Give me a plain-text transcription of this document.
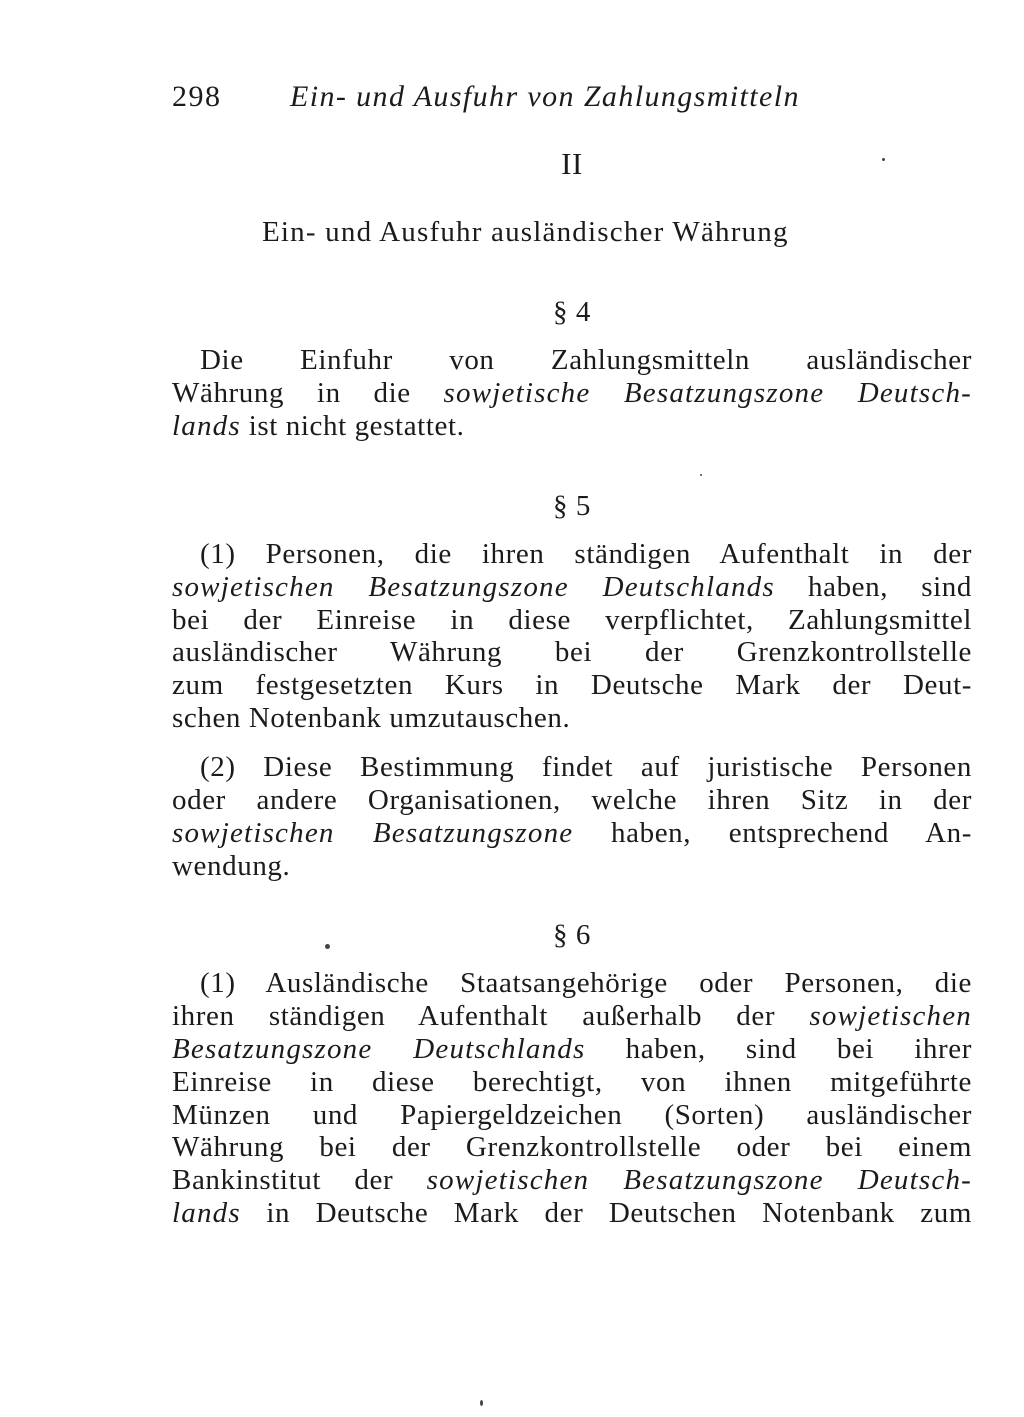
298 Ein- und Ausfuhr von Zahlungsmitteln
II
Ein- und Ausfuhr ausländischer Währung
§ 4
Die Einfuhr von Zahlungsmitteln ausländischer
Währung in die sowjetische Besatzungszone Deutsch-
lands ist nicht gestattet.
§ 5
(1) Personen, die ihren ständigen Aufenthalt in der
sowjetischen Besatzungszone Deutschlands haben, sind
bei der Einreise in diese verpflichtet, Zahlungsmittel
ausländischer Währung bei der Grenzkontrollstelle
zum festgesetzten Kurs in Deutsche Mark der Deut-
schen Notenbank umzutauschen.
(2) Diese Bestimmung findet auf juristische Personen
oder andere Organisationen, welche ihren Sitz in der
sowjetischen Besatzungszone haben, entsprechend An-
wendung.
§ 6
(1) Ausländische Staatsangehörige oder Personen, die
ihren ständigen Aufenthalt außerhalb der sowjetischen
Besatzungszone Deutschlands haben, sind bei ihrer
Einreise in diese berechtigt, von ihnen mitgeführte
Münzen und Papiergeldzeichen (Sorten) ausländischer
Währung bei der Grenzkontrollstelle oder bei einem
Bankinstitut der sowjetischen Besatzungszone Deutsch-
lands in Deutsche Mark der Deutschen Notenbank zum
